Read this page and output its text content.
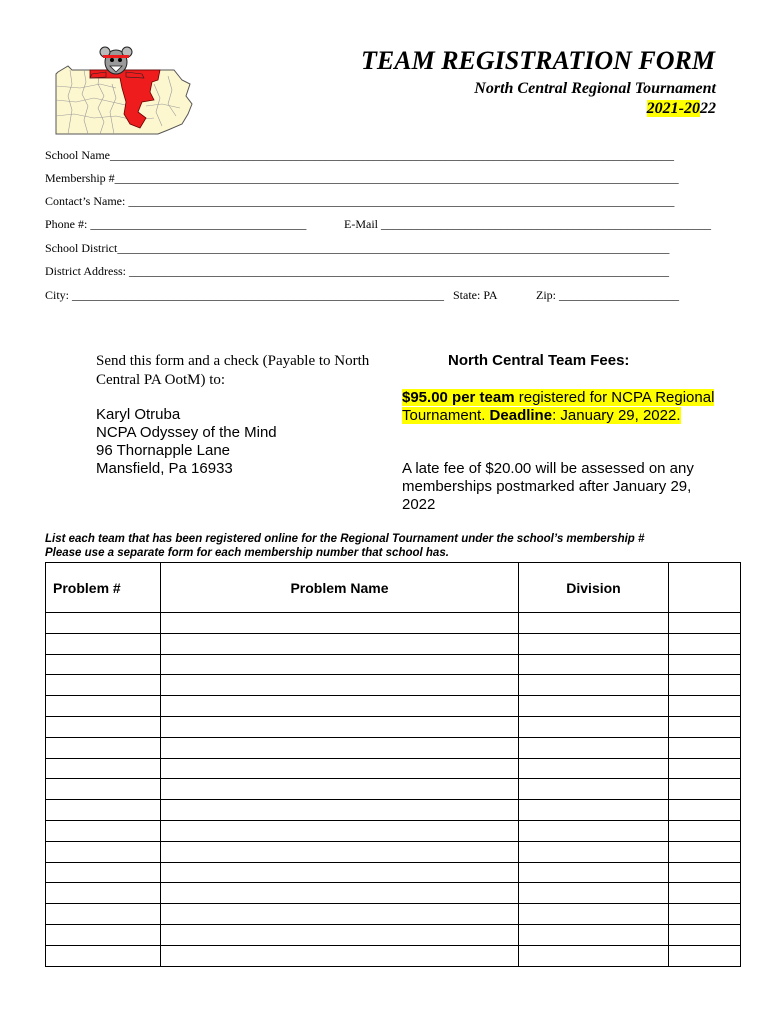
TEAM REGISTRATION FORM
North Central Regional Tournament
2021-2022
School Name______________________________________________________________________________________________
Membership #______________________________________________________________________________________________
Contact’s Name: ___________________________________________________________________________________________
Phone #: ____________________________________	E-Mail _______________________________________________________
School District____________________________________________________________________________________________
District Address: __________________________________________________________________________________________
City: ______________________________________________________________ State: PA	Zip: ____________________
Send this form and a check (Payable to North Central PA OotM) to:
Karyl Otruba
NCPA Odyssey of the Mind
96 Thornapple Lane
Mansfield, Pa 16933
North Central Team Fees:
$95.00 per team registered for NCPA Regional Tournament. Deadline: January 29, 2022.
A late fee of $20.00 will be assessed on any memberships postmarked after January 29, 2022
List each team that has been registered online for the Regional Tournament under the school’s membership #
Please use a separate form for each membership number that school has.
Problem #	Problem Name	Division	
